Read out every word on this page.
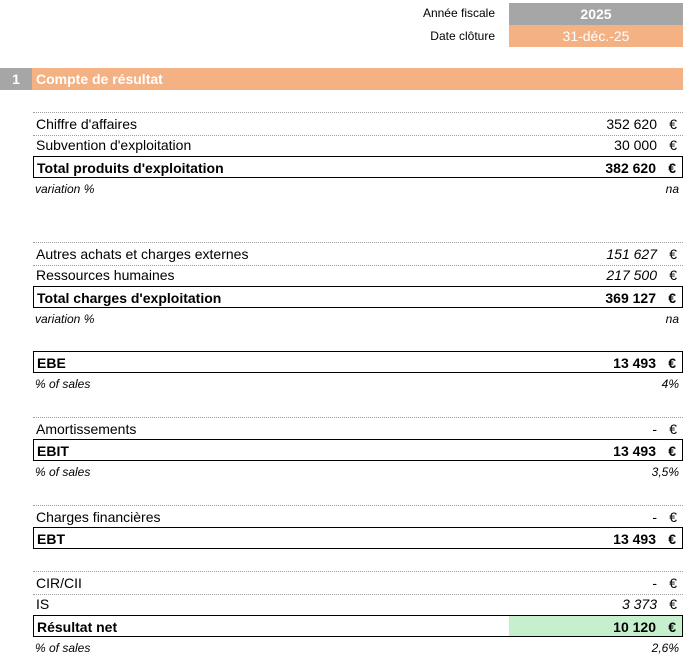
Année fiscale	2025
Date clôture	31-déc.-25
1	Compte de résultat
Chiffre d'affaires	352 620 €
Subvention d'exploitation	30 000 €
Total produits d'exploitation	382 620 €
variation %	na
Autres achats et charges externes	151 627 €
Ressources humaines	217 500 €
Total charges d'exploitation	369 127 €
variation %	na
EBE	13 493 €
% of sales	4%
Amortissements	- €
EBIT	13 493 €
% of sales	3,5%
Charges financières	- €
EBT	13 493 €
CIR/CII	- €
IS	3 373 €
Résultat net	10 120 €
% of sales	2,6%
